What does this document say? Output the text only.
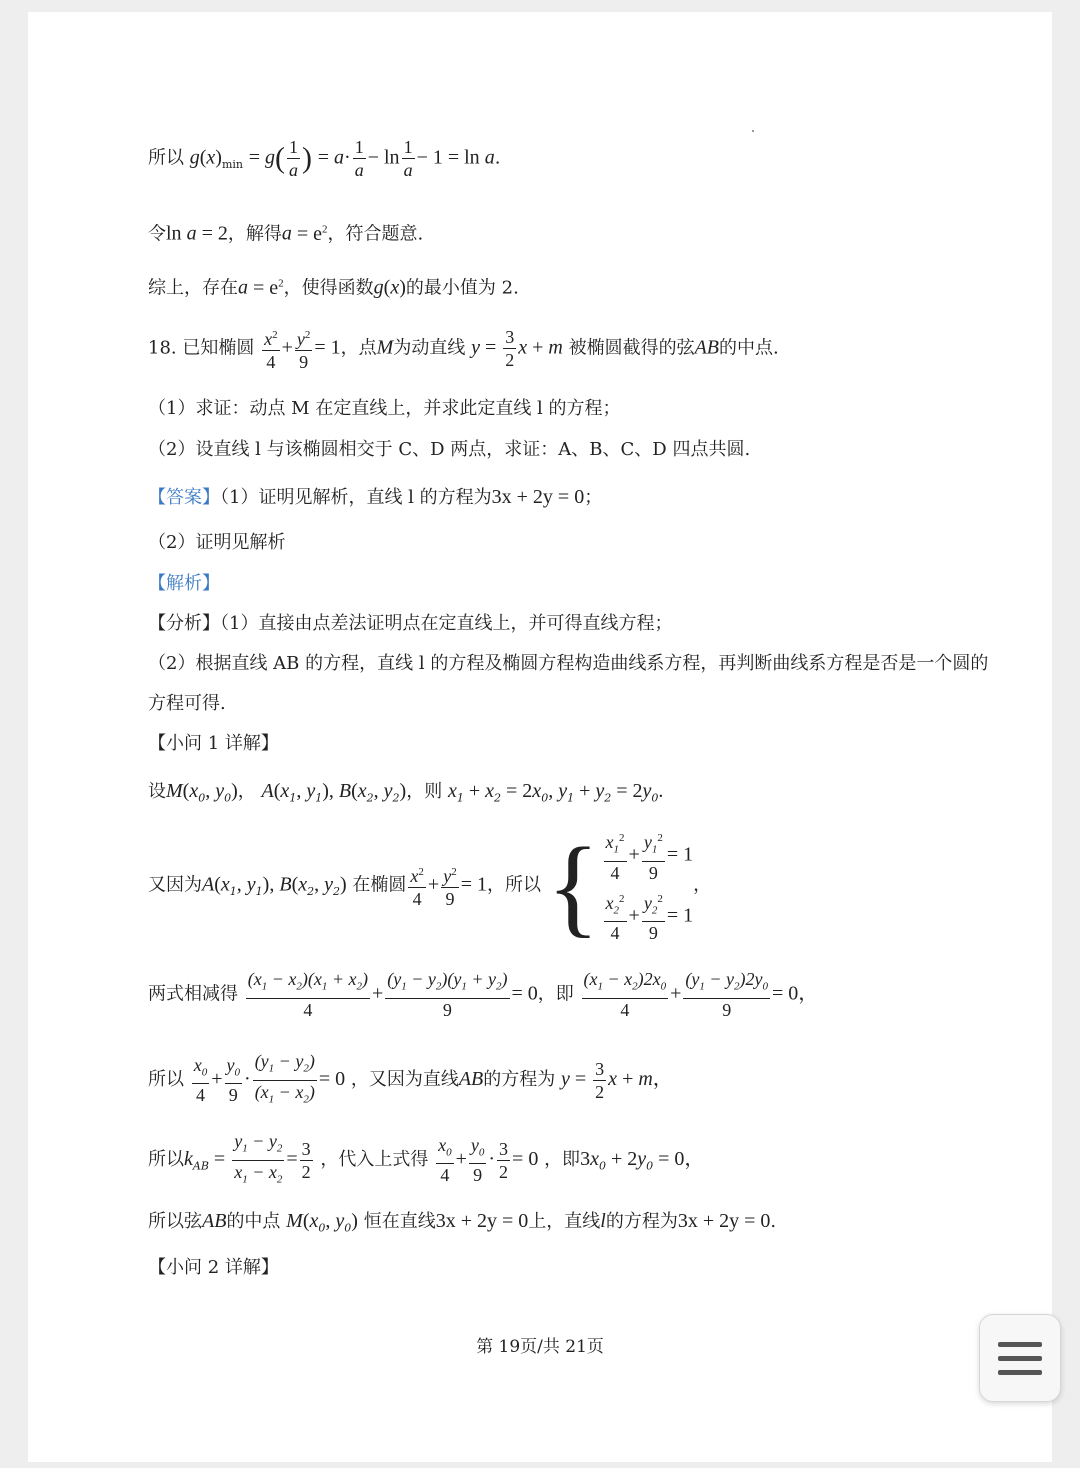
所以 $g(x)_{min} = g( \frac{1}{a}$ ) = $a\cdot \frac{1}{a} - \ln \frac{1}{a} - 1 = \ln a$.
令ln a = 2，解得$a = e^2$，符合题意.
综上，存在$a = e^2$，使得函数g(x)的最小值为 2.
18. 已知椭圆 $\frac{x^2}{4} + \frac{y^2}{9} = 1$，点M为动直线 $y = \frac{3}{2}$ x + m 被椭圆截得的弦AB的中点.
（1）求证：动点 M 在定直线上，并求此定直线 l 的方程；
（2）设直线 l 与该椭圆相交于 C、D 两点，求证：A、B、C、D 四点共圆.
【答案】（1）证明见解析，直线 l 的方程为3x + 2y = 0；
（2）证明见解析
【解析】
【分析】（1）直接由点差法证明点在定直线上，并可得直线方程；
（2）根据直线 AB 的方程，直线 l 的方程及椭圆方程构造曲线系方程，再判断曲线系方程是否是一个圆的
方程可得.
【小问 1 详解】
设$M(x_0$, $y_0$)， $A(x_1$, $y_1$), $B(x_2$, $y_2$)，则 $x_1 + x_2 = 2x_0$, $y_1 + y_2 = 2y_0$.
又因为$A(x_1$, $y_1$), $B(x_2$, $y_2$) 在椭圆 $\frac{x^2}{4} + \frac{y^2}{9} = 1$，所以 { $\frac{x_1^2}{4} + \frac{y_1^2}{9} = 1$
$\frac{x_2^2}{4} + \frac{y_2^2}{9} = 1$
，
两式相减得 $\frac{(x_1 - x_2)(x_1 + x_2)}{4} + \frac{(y_1 - y_2)(y_1 + y_2)}{9} = 0$，即 $\frac{(x_1 - x_2)2x_0}{4} + \frac{(y_1 - y_2)2y_0}{9} = 0$，
所以 $\frac{x_0}{4} + \frac{y_0}{9} \cdot \frac{(y_1 - y_2)}{(x_1 - x_2)} = 0$ ，又因为直线AB的方程为 $y = \frac{3}{2}$ x + m，
所以$k_{AB} = \frac{y_1 - y_2}{x_1 - x_2} = \frac{3}{2}$ ，代入上式得 $\frac{x_0}{4} + \frac{y_0}{9} \cdot \frac{3}{2} = 0$ ，即$3x_0 + 2y_0 = 0$，
所以弦AB的中点 $M(x_0$, $y_0$) 恒在直线3x + 2y = 0上，直线l的方程为3x + 2y = 0.
【小问 2 详解】
第 19页/共 21页
